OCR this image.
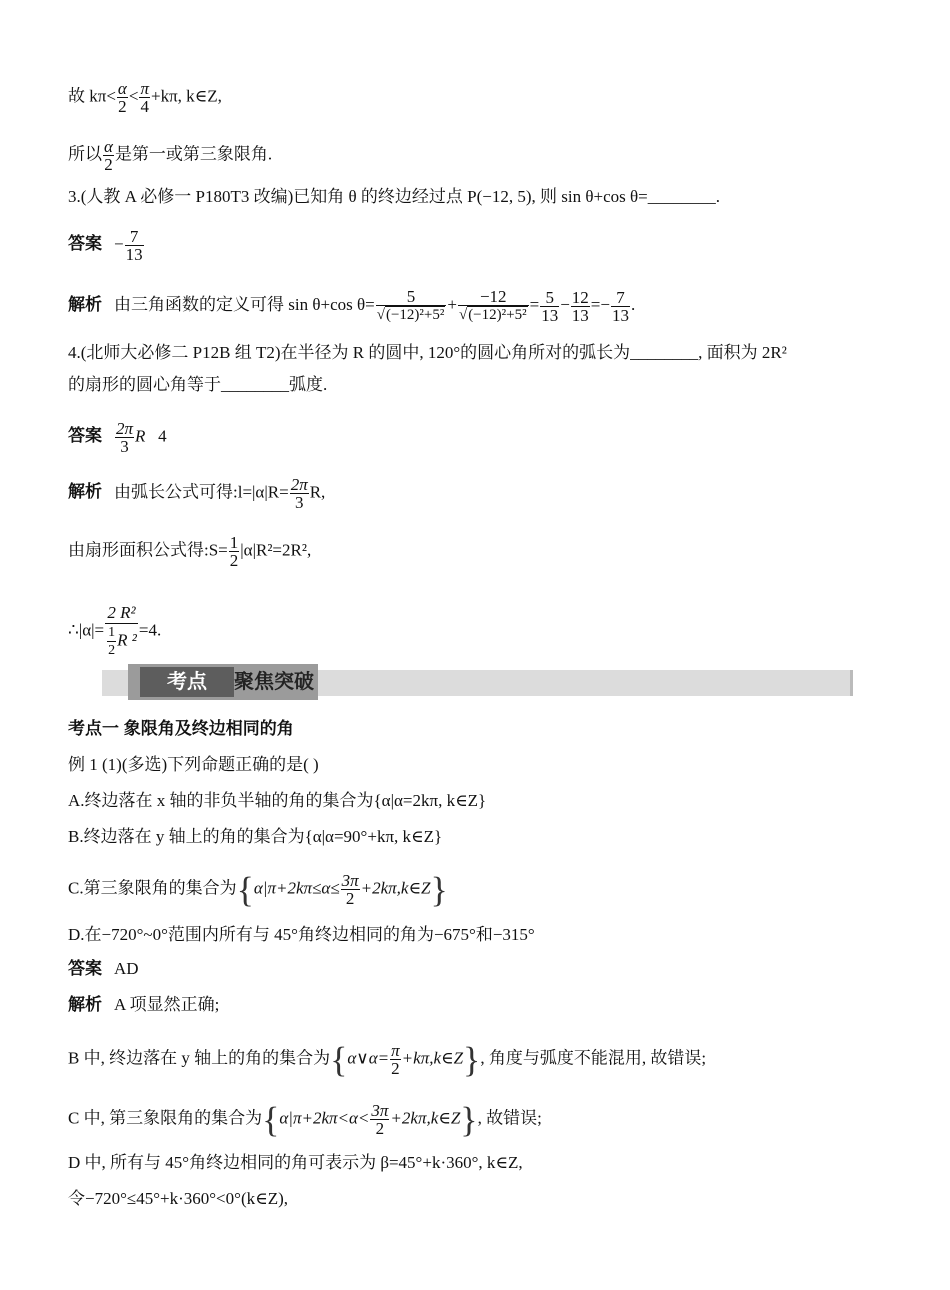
故 $k\pi< \frac{\alpha}{2} < \frac{\pi}{4} +k\pi$, k∈Z,
所以 $\frac{\alpha}{2}$ 是第一或第三象限角.
3.(人教 A 必修一 P180T3 改编)已知角 θ 的终边经过点 P(−12, 5), 则 sin θ+cos θ=________.
答案 − $\frac{7}{13}$
解析 由三角函数的定义可得 sin θ+cos $\theta= \frac{5}{\text{√(−12)²+5²}} + \frac{-12}{\text{√(−12)²+5²}} = \frac{5}{13} - \frac{12}{13} =- \frac{7}{13}$ .
4.(北师大必修二 P12B 组 T2)在半径为 R 的圆中, 120°的圆心角所对的弧长为________, 面积为 2R²
的扇形的圆心角等于________弧度.
答案 $\frac{2\pi}{3}$ R 4
解析 由弧长公式可得:l=|α|R= $\frac{2\pi}{3} R$,
由扇形面积公式得:S= $\frac{1}{2} |\alpha|R^2=2R^2$,
∴|α|= $\frac{\text{2 R²}}{\frac{1}{2} R ^2} =4$.
考点	聚焦突破
考点一 象限角及终边相同的角
例 1 (1)(多选)下列命题正确的是( )
A.终边落在 x 轴的非负半轴的角的集合为{α|α=2kπ, k∈Z}
B.终边落在 y 轴上的角的集合为{α|α=90°+kπ, k∈Z}
C.第三象限角的集合为{$\alpha|\pi+2k\pi\le\alpha\le \frac{3\pi}{2}$ +2kπ,k∈Z}
D.在−720°~0°范围内所有与 45°角终边相同的角为−675°和−315°
答案 AD
解析 A 项显然正确;
B 中, 终边落在 y 轴上的角的集合为{α∨α= $\frac{\pi}{2}$ +kπ,k∈Z}, 角度与弧度不能混用, 故错误;
C 中, 第三象限角的集合为{$\alpha|\pi+2k\pi<\alpha< \frac{3\pi}{2}$ +2kπ,k∈Z}, 故错误;
D 中, 所有与 45°角终边相同的角可表示为 β=45°+k·360°, k∈Z,
令−720°≤45°+k·360°<0°(k∈Z),
